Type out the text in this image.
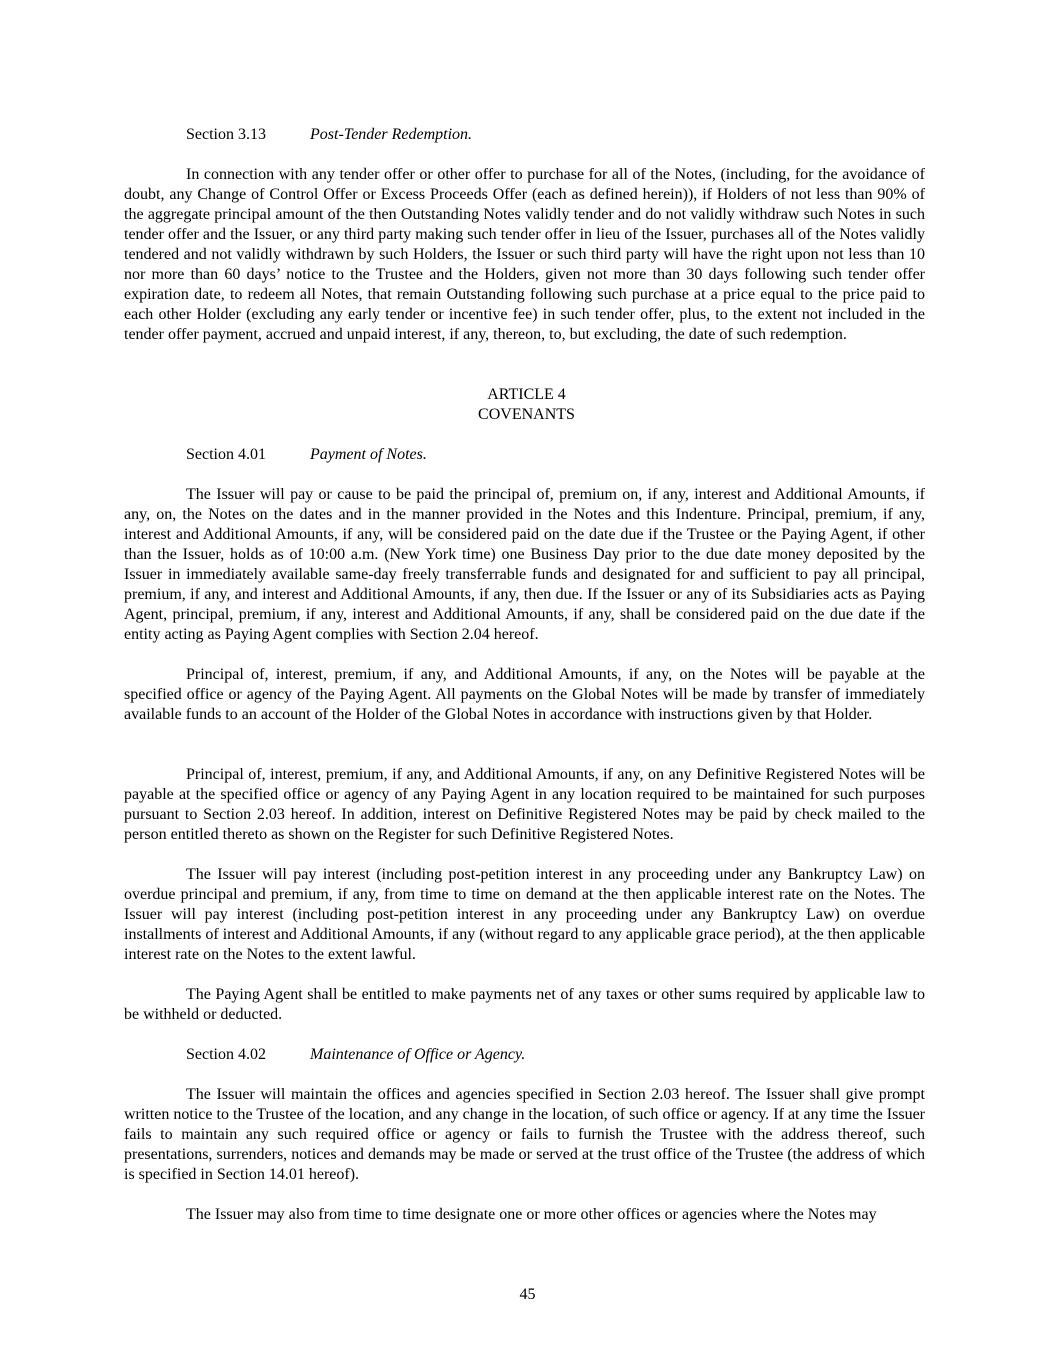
Section 3.13	Post-Tender Redemption.

In connection with any tender offer or other offer to purchase for all of the Notes, (including, for the avoidance of doubt, any Change of Control Offer or Excess Proceeds Offer (each as defined herein)), if Holders of not less than 90% of the aggregate principal amount of the then Outstanding Notes validly tender and do not validly withdraw such Notes in such tender offer and the Issuer, or any third party making such tender offer in lieu of the Issuer, purchases all of the Notes validly tendered and not validly withdrawn by such Holders, the Issuer or such third party will have the right upon not less than 10 nor more than 60 days’ notice to the Trustee and the Holders, given not more than 30 days following such tender offer expiration date, to redeem all Notes, that remain Outstanding following such purchase at a price equal to the price paid to each other Holder (excluding any early tender or incentive fee) in such tender offer, plus, to the extent not included in the tender offer payment, accrued and unpaid interest, if any, thereon, to, but excluding, the date of such redemption.

ARTICLE 4
COVENANTS
Section 4.01	Payment of Notes.

The Issuer will pay or cause to be paid the principal of, premium on, if any, interest and Additional Amounts, if any, on, the Notes on the dates and in the manner provided in the Notes and this Indenture. Principal, premium, if any, interest and Additional Amounts, if any, will be considered paid on the date due if the Trustee or the Paying Agent, if other than the Issuer, holds as of 10:00 a.m. (New York time) one Business Day prior to the due date money deposited by the Issuer in immediately available same-day freely transferrable funds and designated for and sufficient to pay all principal, premium, if any, and interest and Additional Amounts, if any, then due. If the Issuer or any of its Subsidiaries acts as Paying Agent, principal, premium, if any, interest and Additional Amounts, if any, shall be considered paid on the due date if the entity acting as Paying Agent complies with Section 2.04 hereof.

Principal of, interest, premium, if any, and Additional Amounts, if any, on the Notes will be payable at the specified office or agency of the Paying Agent. All payments on the Global Notes will be made by transfer of immediately available funds to an account of the Holder of the Global Notes in accordance with instructions given by that Holder.

Principal of, interest, premium, if any, and Additional Amounts, if any, on any Definitive Registered Notes will be payable at the specified office or agency of any Paying Agent in any location required to be maintained for such purposes pursuant to Section 2.03 hereof. In addition, interest on Definitive Registered Notes may be paid by check mailed to the person entitled thereto as shown on the Register for such Definitive Registered Notes.

The Issuer will pay interest (including post-petition interest in any proceeding under any Bankruptcy Law) on overdue principal and premium, if any, from time to time on demand at the then applicable interest rate on the Notes. The Issuer will pay interest (including post-petition interest in any proceeding under any Bankruptcy Law) on overdue installments of interest and Additional Amounts, if any (without regard to any applicable grace period), at the then applicable interest rate on the Notes to the extent lawful.

The Paying Agent shall be entitled to make payments net of any taxes or other sums required by applicable law to be withheld or deducted.

Section 4.02	Maintenance of Office or Agency.

The Issuer will maintain the offices and agencies specified in Section 2.03 hereof. The Issuer shall give prompt written notice to the Trustee of the location, and any change in the location, of such office or agency. If at any time the Issuer fails to maintain any such required office or agency or fails to furnish the Trustee with the address thereof, such presentations, surrenders, notices and demands may be made or served at the trust office of the Trustee (the address of which is specified in Section 14.01 hereof).

The Issuer may also from time to time designate one or more other offices or agencies where the Notes may

45
